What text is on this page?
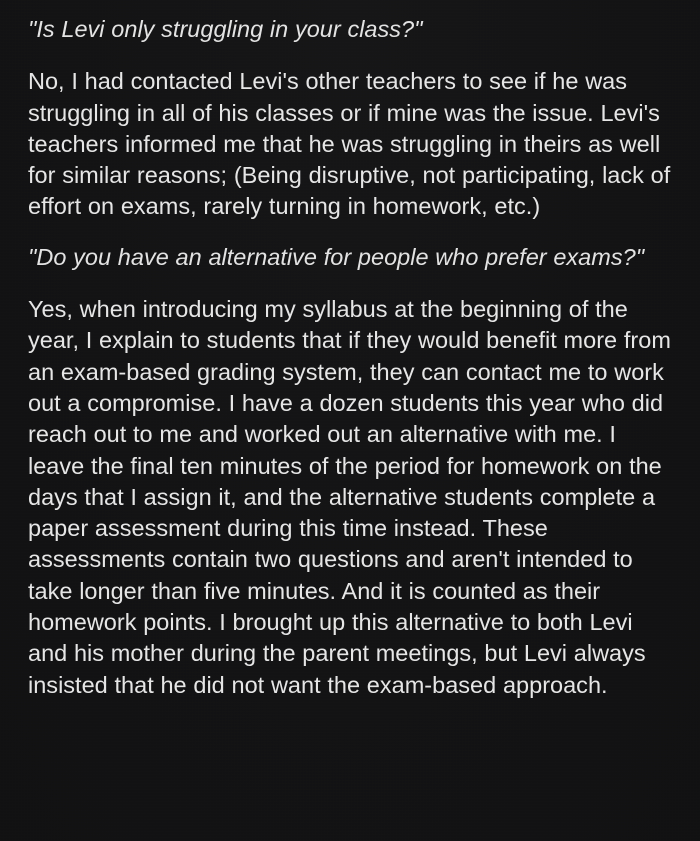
"Is Levi only struggling in your class?"

No, I had contacted Levi's other teachers to see if he was struggling in all of his classes or if mine was the issue. Levi's teachers informed me that he was struggling in theirs as well for similar reasons; (Being disruptive, not participating, lack of effort on exams, rarely turning in homework, etc.)

"Do you have an alternative for people who prefer exams?"

Yes, when introducing my syllabus at the beginning of the year, I explain to students that if they would benefit more from an exam-based grading system, they can contact me to work out a compromise. I have a dozen students this year who did reach out to me and worked out an alternative with me. I leave the final ten minutes of the period for homework on the days that I assign it, and the alternative students complete a paper assessment during this time instead. These assessments contain two questions and aren't intended to take longer than five minutes. And it is counted as their homework points. I brought up this alternative to both Levi and his mother during the parent meetings, but Levi always insisted that he did not want the exam-based approach.
